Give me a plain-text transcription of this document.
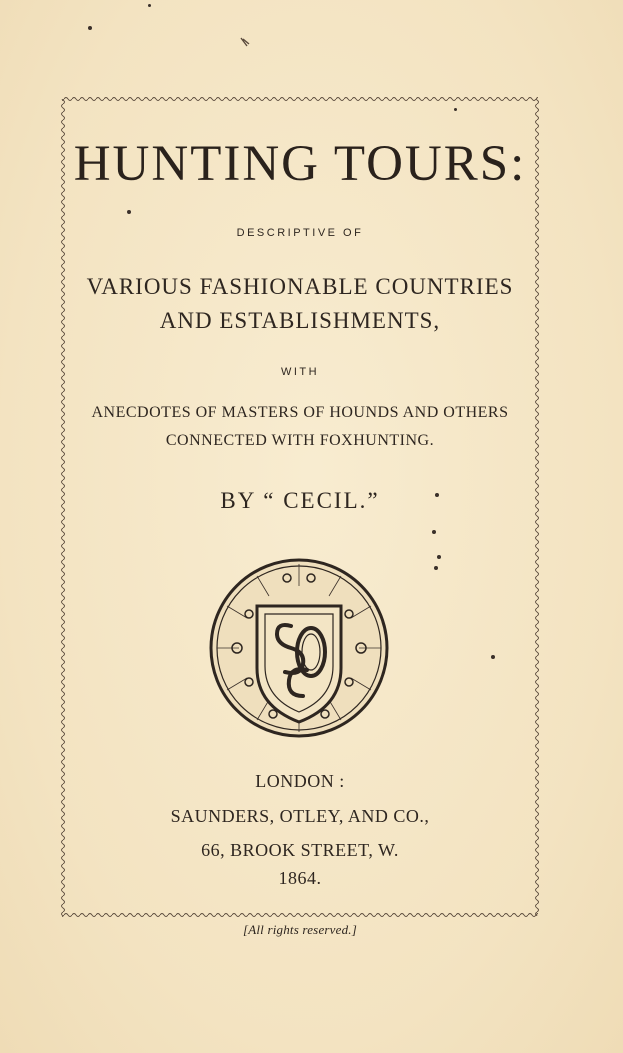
HUNTING TOURS:
DESCRIPTIVE OF
VARIOUS FASHIONABLE COUNTRIES
AND ESTABLISHMENTS,
WITH
ANECDOTES OF MASTERS OF HOUNDS AND OTHERS
CONNECTED WITH FOXHUNTING.
BY “ CECIL.”
LONDON :
SAUNDERS, OTLEY, AND CO.,
66, BROOK STREET, W.
1864.
[All rights reserved.]
